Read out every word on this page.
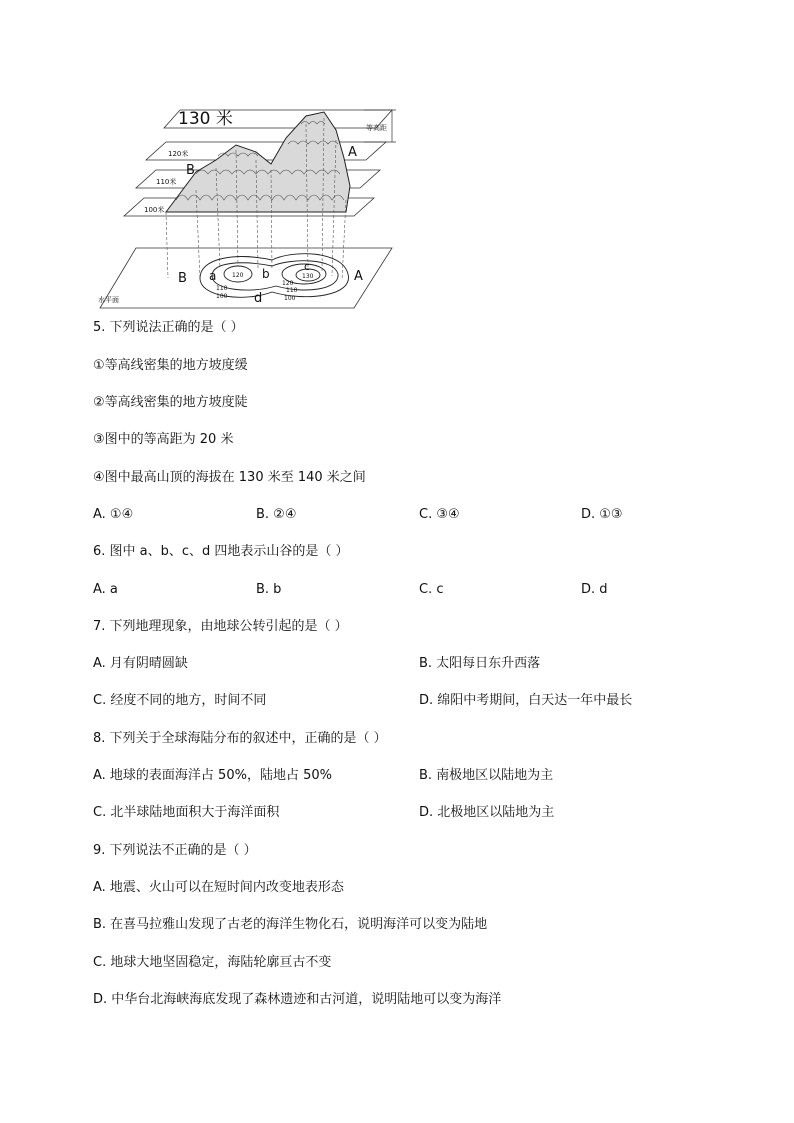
130 米	等高距
120米
110米
100米
A
B
水平面
B a	b
c
d
A
120
110
100
120
130
110
100
5. 下列说法正确的是（ ）
①等高线密集的地方坡度缓
②等高线密集的地方坡度陡
③图中的等高距为 20 米
④图中最高山顶的海拔在 130 米至 140 米之间
A. ①④	B. ②④	C. ③④	D. ①③
6. 图中 a、b、c、d 四地表示山谷的是（ ）
A. a	B. b	C. c	D. d
7. 下列地理现象，由地球公转引起的是（ ）
A. 月有阴晴圆缺	B. 太阳每日东升西落
C. 经度不同的地方，时间不同	D. 绵阳中考期间，白天达一年中最长
8. 下列关于全球海陆分布的叙述中，正确的是（ ）
A. 地球的表面海洋占 50%，陆地占 50%	B. 南极地区以陆地为主
C. 北半球陆地面积大于海洋面积	D. 北极地区以陆地为主
9. 下列说法不正确的是（ ）
A. 地震、火山可以在短时间内改变地表形态
B. 在喜马拉雅山发现了古老的海洋生物化石，说明海洋可以变为陆地
C. 地球大地坚固稳定，海陆轮廓亘古不变
D. 中华台北海峡海底发现了森林遗迹和古河道，说明陆地可以变为海洋
